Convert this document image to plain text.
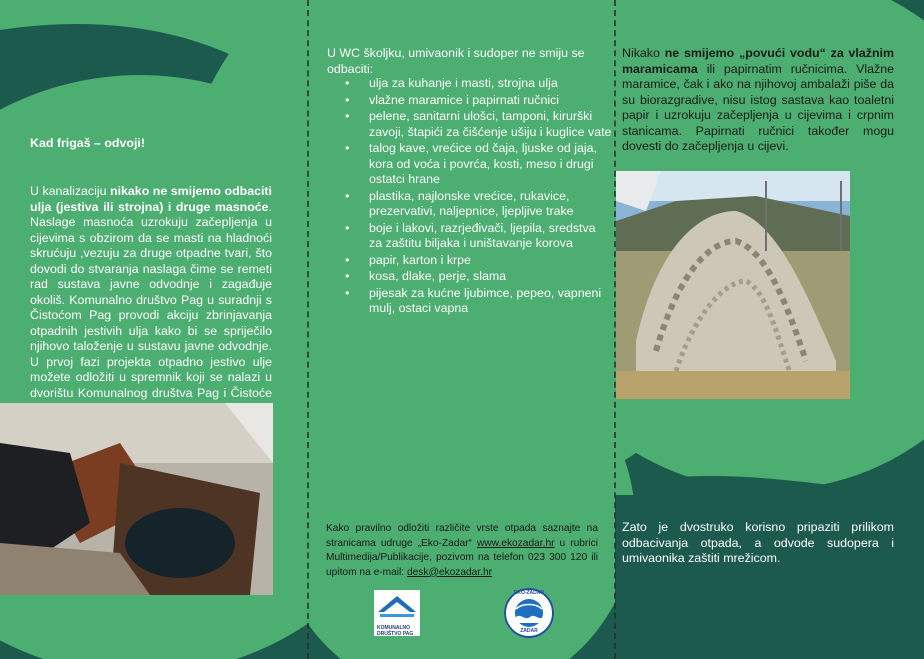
Kad frigaš – odvoji!
U kanalizaciju nikako ne smijemo odbaciti ulja (jestiva ili strojna) i druge masnoće. Naslage masnoća uzrokuju začepljenja u cijevima s obzirom da se masti na hladnoći skrućuju ,vezuju za druge otpadne tvari, što dovodi do stvaranja naslaga čime se remeti rad sustava javne odvodnje i zagađuje okoliš. Komunalno društvo Pag u suradnji s Čistoćom Pag provodi akciju zbrinjavanja otpadnih jestivih ulja kako bi se spriječilo njihovo taloženje u sustavu javne odvodnje. U prvoj fazi projekta otpadno jestivo ulje možete odložiti u spremnik koji se nalazi u dvorištu Komunalnog društva Pag i Čistoće
U WC školjku, umivaonik i sudoper ne smiju se odbaciti:
• ulja za kuhanje i masti, strojna ulja
• vlažne maramice i papirnati ručnici
• pelene, sanitarni ulošci, tamponi, kirurški zavoji, štapići za čišćenje ušiju i kuglice vate
• talog kave, vrećice od čaja, ljuske od jaja, kora od voća i povrća, kosti, meso i drugi ostatci hrane
• plastika, najlonske vrećice, rukavice, prezervativi, naljepnice, ljepljive trake
• boje i lakovi, razrjeđivači, ljepila, sredstva za zaštitu biljaka i uništavanje korova
• papir, karton i krpe
• kosa, dlake, perje, slama
• pijesak za kućne ljubimce, pepeo, vapneni mulj, ostaci vapna
Kako pravilno odložiti različite vrste otpada saznajte na stranicama udruge „Eko-Zadar“ www.ekozadar.hr u rubrici Multimedija/Publikacije, pozivom na telefon 023 300 120 ili upitom na e-mail: desk@ekozadar.hr
KOMUNALNO DRUŠTVO PAG
EKO-ZADAR
ZADAR
Nikako ne smijemo „povući vodu“ za vlažnim maramicama ili papirnatim ručnicima. Vlažne maramice, čak i ako na njihovoj ambalaži piše da su biorazgradive, nisu istog sastava kao toaletni papir i uzrokuju začepljenja u cijevima i crpnim stanicama. Papirnati ručnici također mogu dovesti do začepljenja u cijevi.
Zato je dvostruko korisno pripaziti prilikom odbacivanja otpada, a odvode sudopera i umivaonika zaštiti mrežicom.
